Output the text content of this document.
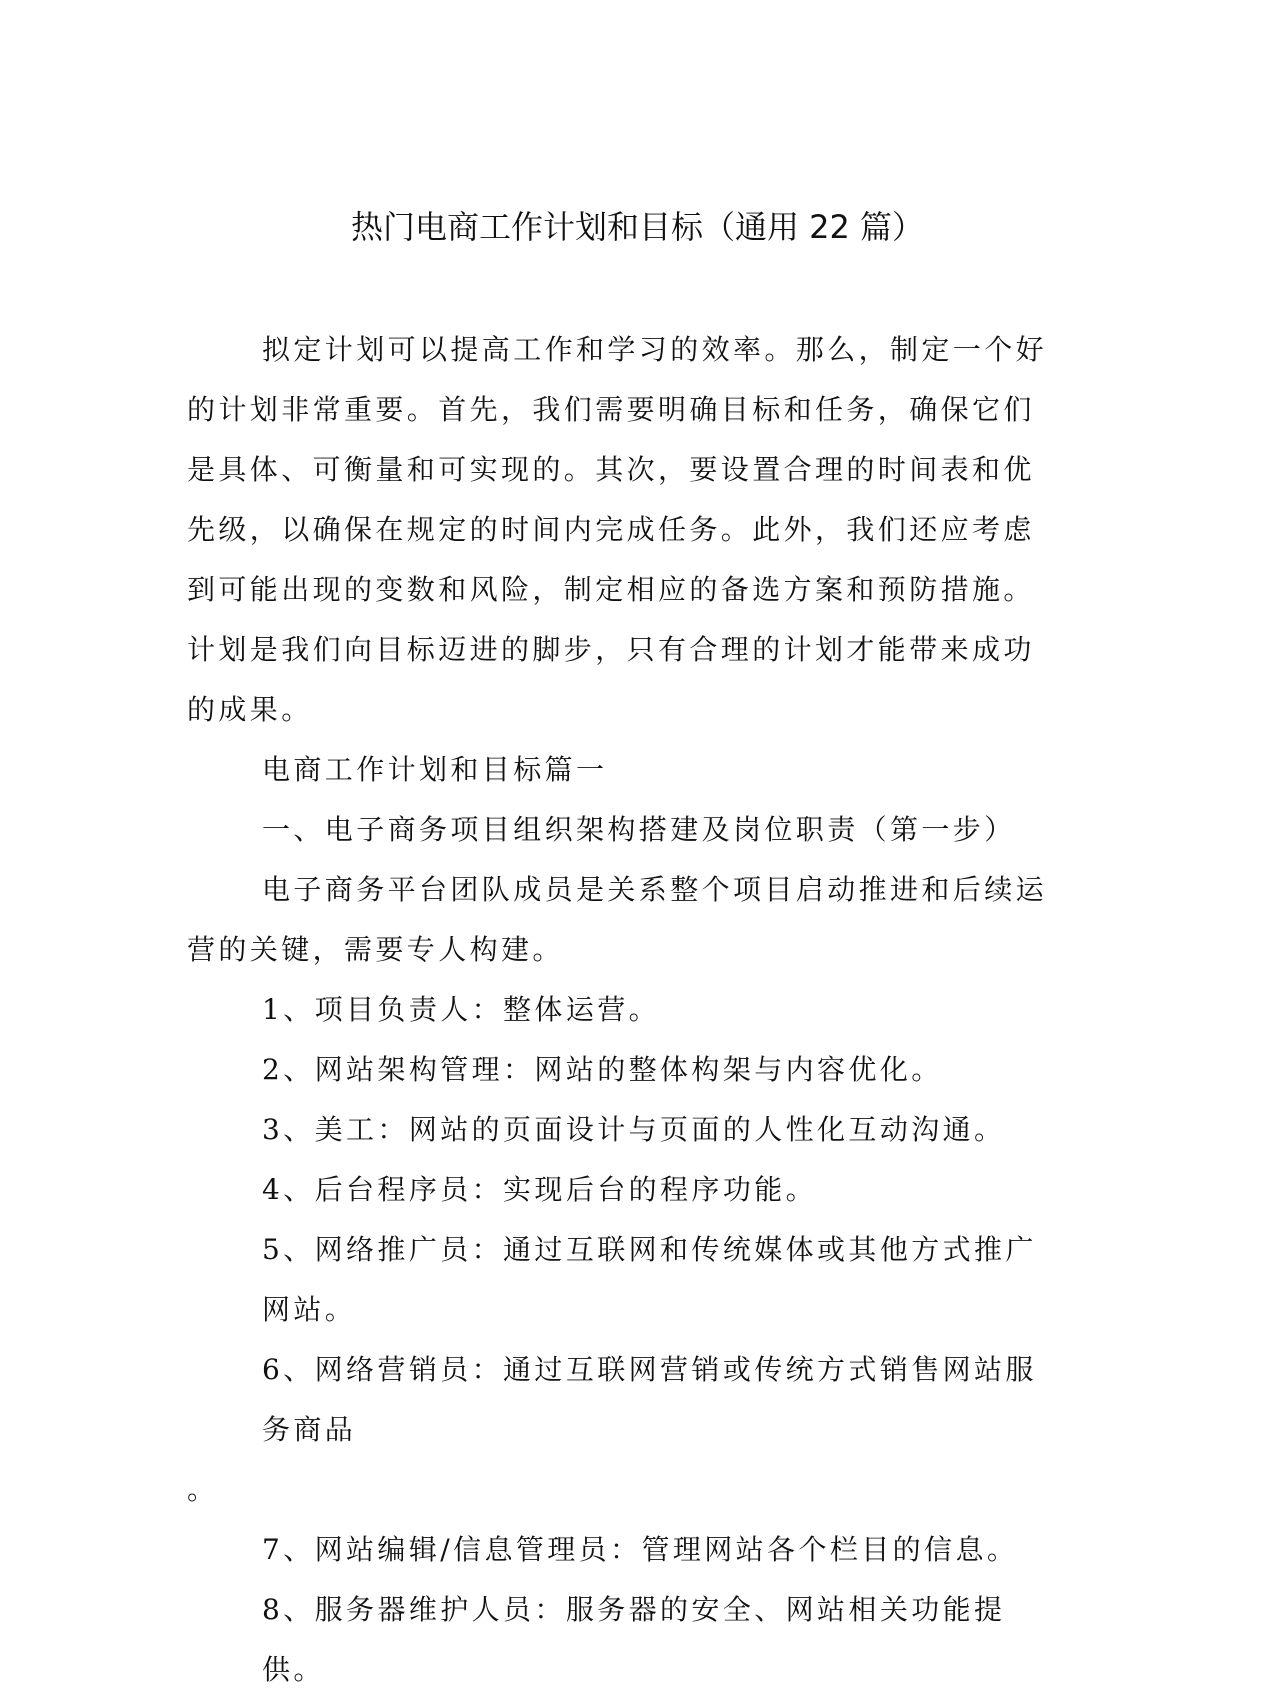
热门电商工作计划和目标（通用 22 篇）

拟定计划可以提高工作和学习的效率。那么，制定一个好的计划非常重要。首先，我们需要明确目标和任务，确保它们是具体、可衡量和可实现的。其次，要设置合理的时间表和优先级，以确保在规定的时间内完成任务。此外，我们还应考虑到可能出现的变数和风险，制定相应的备选方案和预防措施。计划是我们向目标迈进的脚步，只有合理的计划才能带来成功的成果。

电商工作计划和目标篇一

一、电子商务项目组织架构搭建及岗位职责（第一步）

电子商务平台团队成员是关系整个项目启动推进和后续运营的关键，需要专人构建。

1、项目负责人：整体运营。

2、网站架构管理：网站的整体构架与内容优化。

3、美工：网站的页面设计与页面的人性化互动沟通。

4、后台程序员：实现后台的程序功能。

5、网络推广员：通过互联网和传统媒体或其他方式推广网站。

6、网络营销员：通过互联网营销或传统方式销售网站服务商品
。

7、网站编辑/信息管理员：管理网站各个栏目的信息。

8、服务器维护人员：服务器的安全、网站相关功能提供。
